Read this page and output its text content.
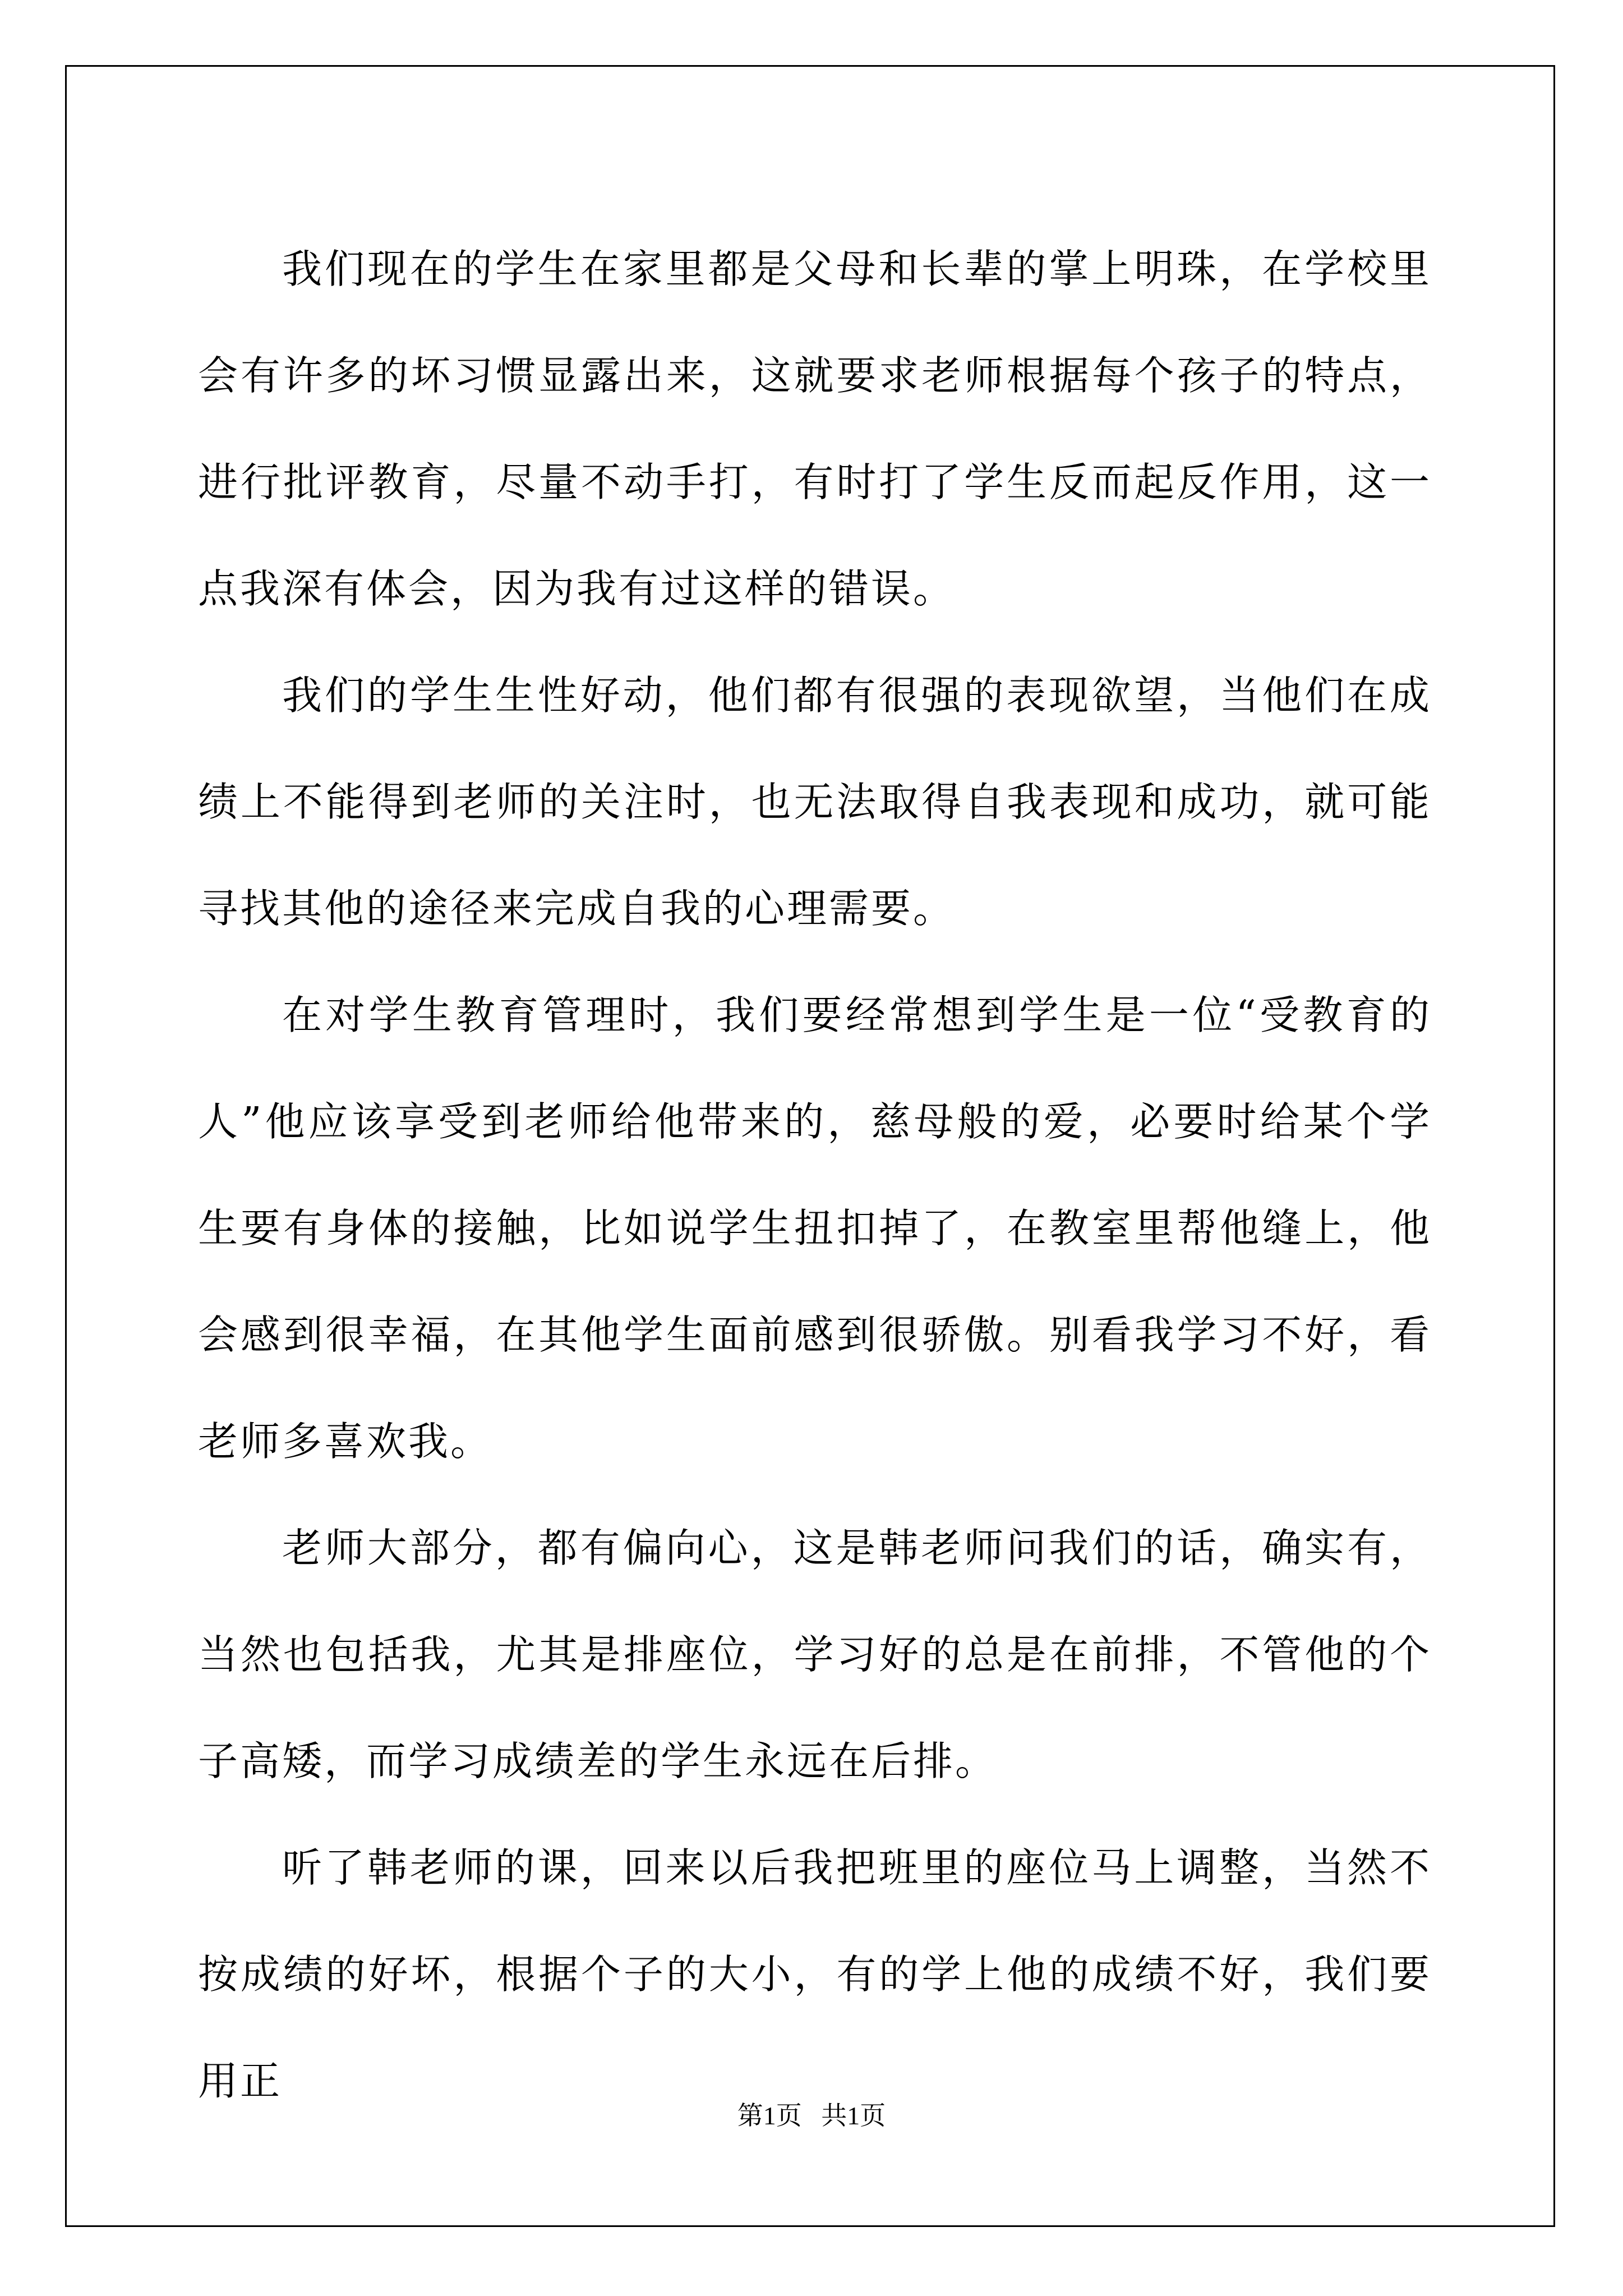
我们现在的学生在家里都是父母和长辈的掌上明珠，在学校里会有许多的坏习惯显露出来，这就要求老师根据每个孩子的特点，进行批评教育，尽量不动手打，有时打了学生反而起反作用，这一点我深有体会，因为我有过这样的错误。

我们的学生生性好动，他们都有很强的表现欲望，当他们在成绩上不能得到老师的关注时，也无法取得自我表现和成功，就可能寻找其他的途径来完成自我的心理需要。

在对学生教育管理时，我们要经常想到学生是一位“受教育的人”他应该享受到老师给他带来的，慈母般的爱，必要时给某个学生要有身体的接触，比如说学生扭扣掉了，在教室里帮他缝上，他会感到很幸福，在其他学生面前感到很骄傲。别看我学习不好，看老师多喜欢我。

老师大部分，都有偏向心，这是韩老师问我们的话，确实有，当然也包括我，尤其是排座位，学习好的总是在前排，不管他的个子高矮，而学习成绩差的学生永远在后排。

听了韩老师的课，回来以后我把班里的座位马上调整，当然不按成绩的好坏，根据个子的大小，有的学上他的成绩不好，我们要用正

第1页 共1页
